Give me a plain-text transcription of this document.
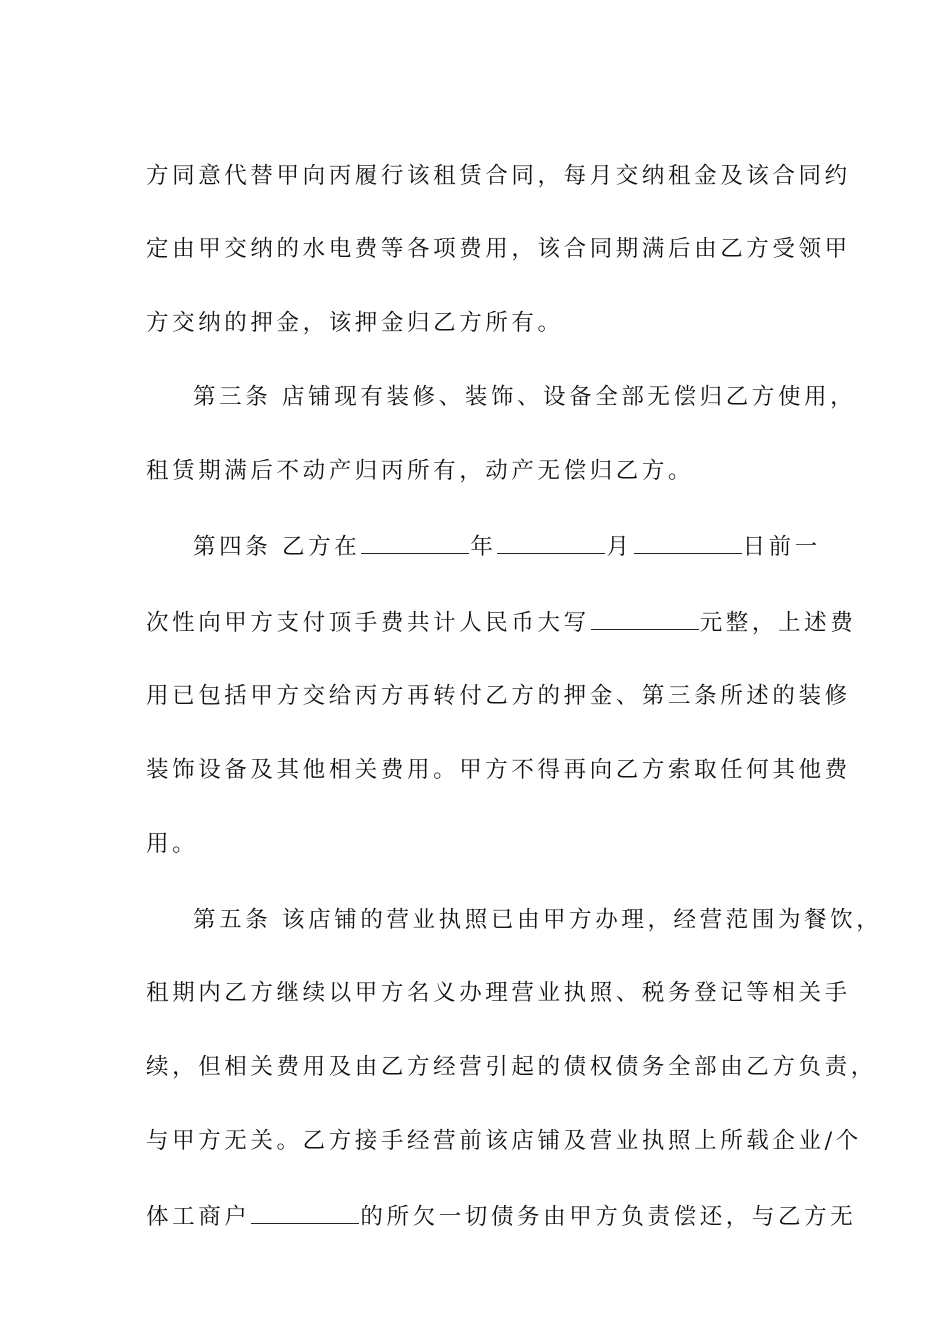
方同意代替甲向丙履行该租赁合同，每月交纳租金及该合同约

定由甲交纳的水电费等各项费用，该合同期满后由乙方受领甲

方交纳的押金，该押金归乙方所有。

第三条 店铺现有装修、装饰、设备全部无偿归乙方使用，

租赁期满后不动产归丙所有，动产无偿归乙方。

第四条 乙方在	年	月	日前一

次性向甲方支付顶手费共计人民币大写	元整，上述费

用已包括甲方交给丙方再转付乙方的押金、第三条所述的装修

装饰设备及其他相关费用。甲方不得再向乙方索取任何其他费

用。

第五条 该店铺的营业执照已由甲方办理，经营范围为餐饮，

租期内乙方继续以甲方名义办理营业执照、税务登记等相关手

续，但相关费用及由乙方经营引起的债权债务全部由乙方负责，

与甲方无关。乙方接手经营前该店铺及营业执照上所载企业/个

体工商户	的所欠一切债务由甲方负责偿还，与乙方无
